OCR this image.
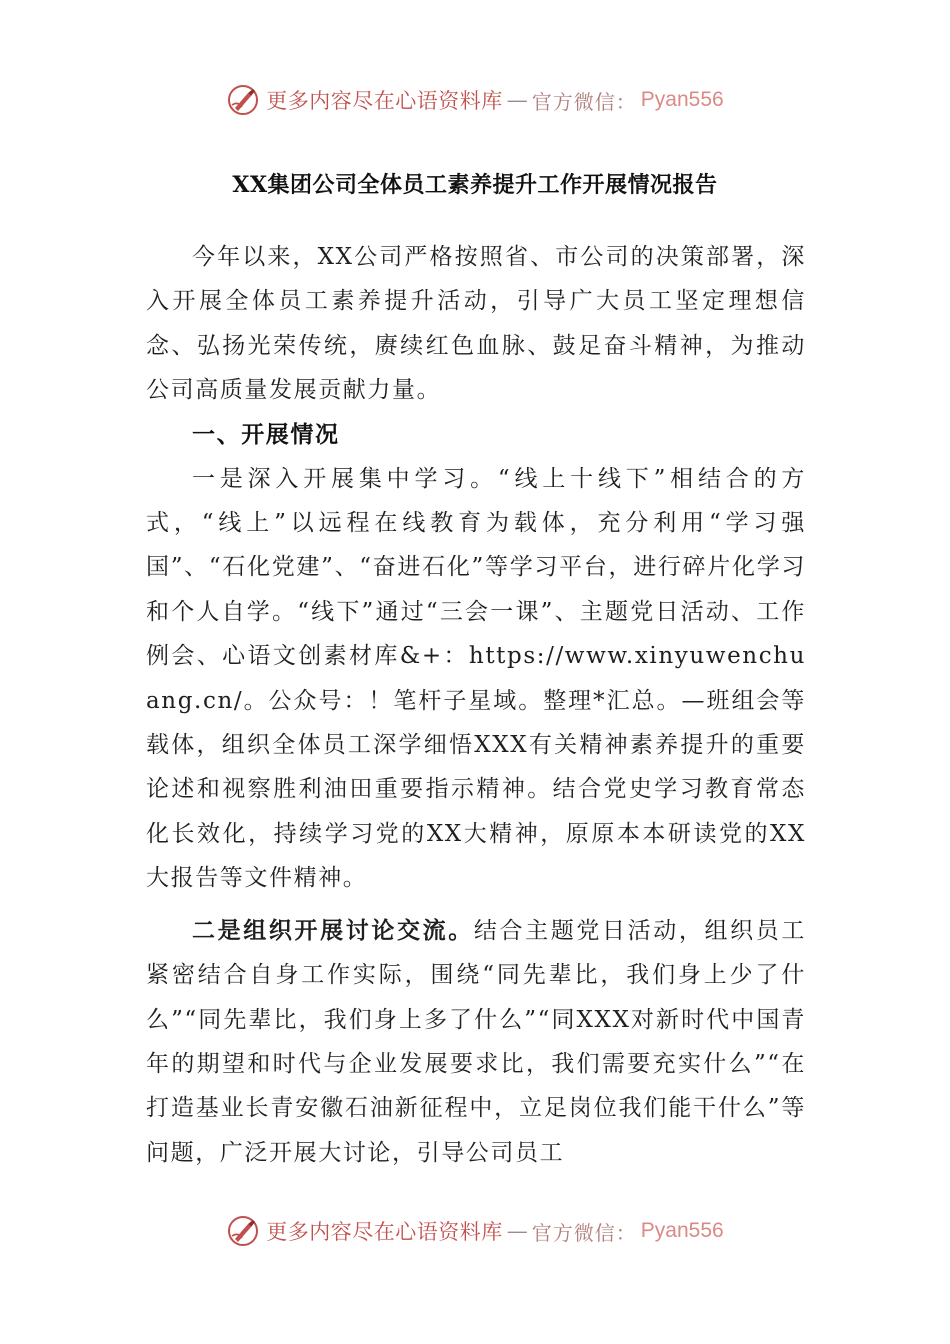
更多内容尽在心语资料库 — 官方微信： Pyan556
XX集团公司全体员工素养提升工作开展情况报告

今年以来，XX公司严格按照省、市公司的决策部署，深入开展全体员工素养提升活动，引导广大员工坚定理想信念、弘扬光荣传统，赓续红色血脉、鼓足奋斗精神，为推动公司高质量发展贡献力量。

一、开展情况

一是深入开展集中学习。“线上十线下”相结合的方式，“线上”以远程在线教育为载体，充分利用“学习强国”、“石化党建”、“奋进石化”等学习平台，进行碎片化学习和个人自学。“线下”通过“三会一课”、主题党日活动、工作例会、心语文创素材库&+：https://www.xinyuwenchuang.cn/。公众号：！笔杆子星域。整理*汇总。—班组会等载体，组织全体员工深学细悟XXX有关精神素养提升的重要论述和视察胜利油田重要指示精神。结合党史学习教育常态化长效化，持续学习党的XX大精神，原原本本研读党的XX大报告等文件精神。

二是组织开展讨论交流。结合主题党日活动，组织员工紧密结合自身工作实际，围绕“同先辈比，我们身上少了什么”“同先辈比，我们身上多了什么”“同XXX对新时代中国青年的期望和时代与企业发展要求比，我们需要充实什么”“在打造基业长青安徽石油新征程中，立足岗位我们能干什么”等问题，广泛开展大讨论，引导公司员工

更多内容尽在心语资料库 — 官方微信： Pyan556
